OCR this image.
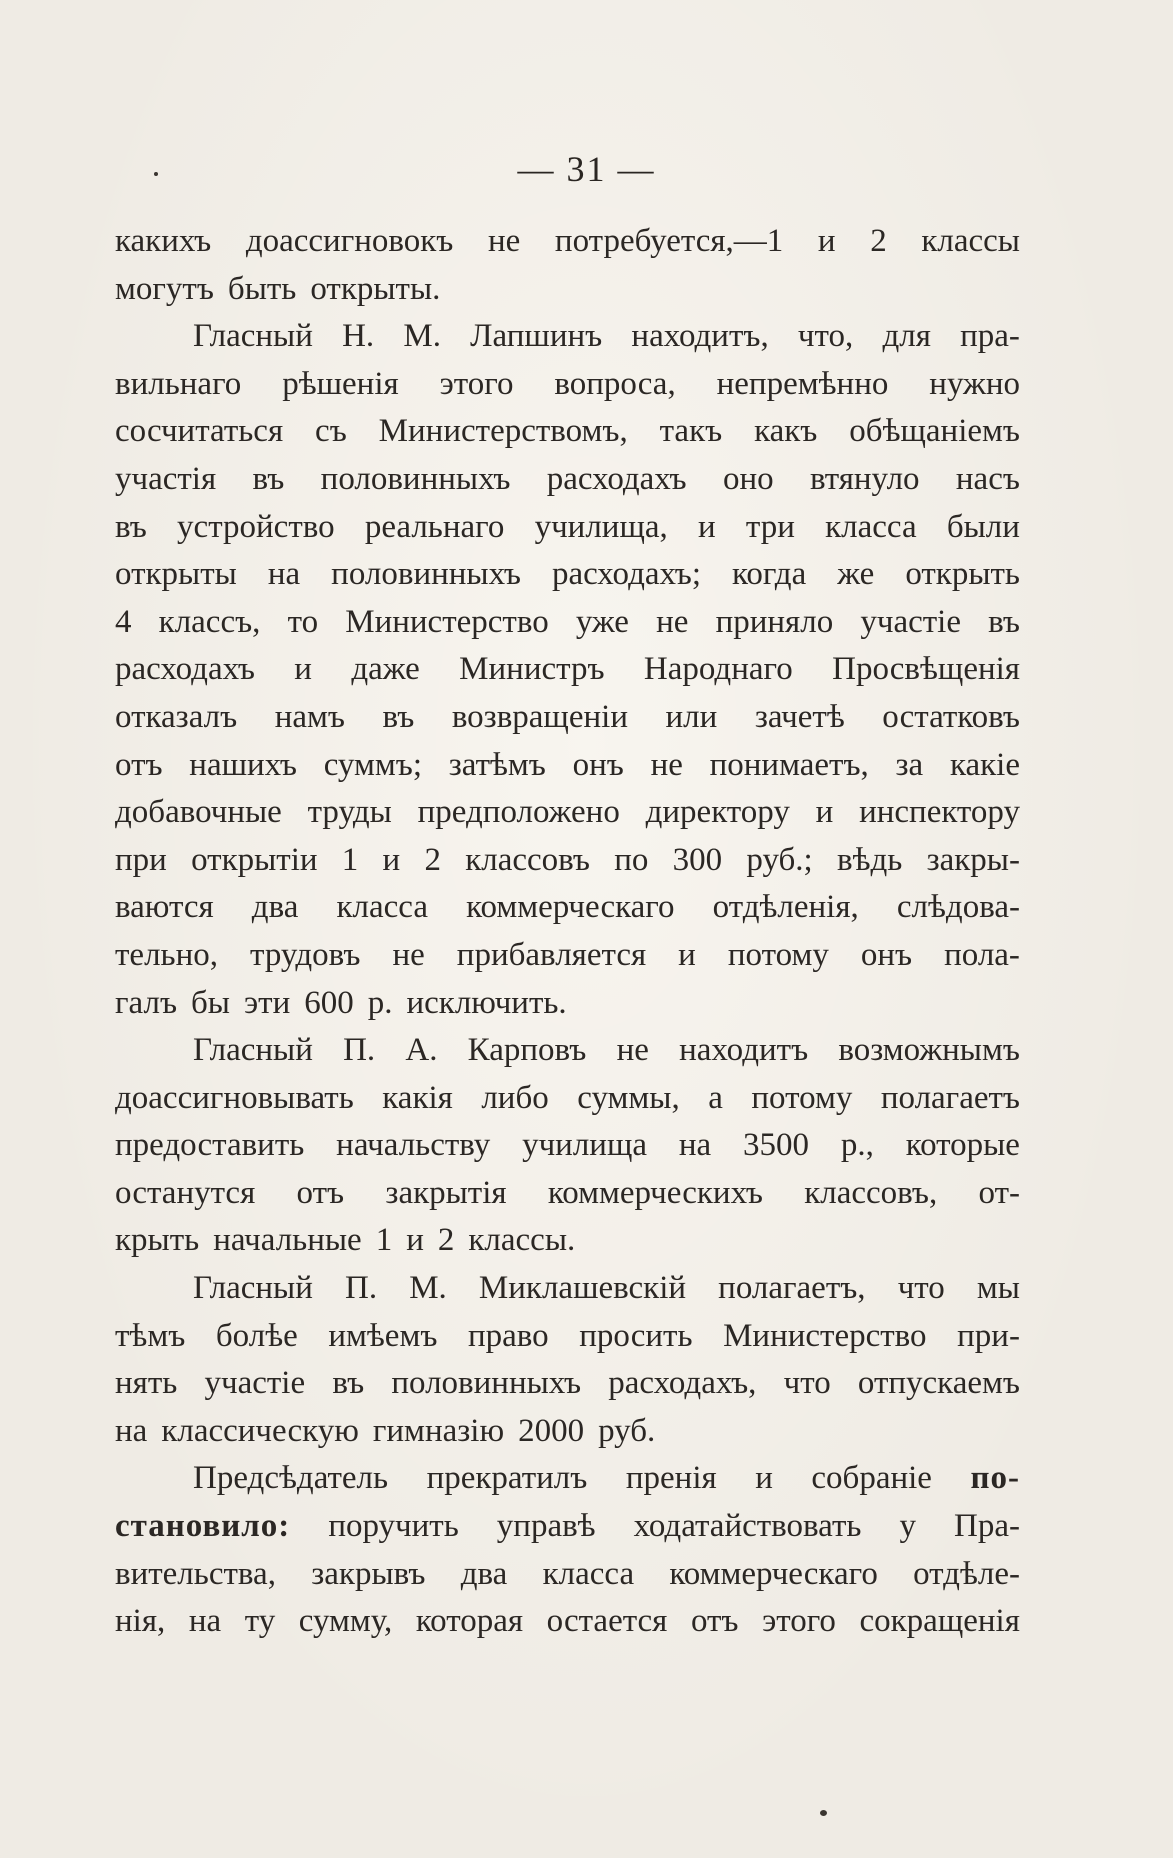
— 31 —
какихъ доассигновокъ не потребуется,—1 и 2 классы
могутъ
быть
открыты.
Гласный Н. М. Лапшинъ находитъ, что, для пра-
вильнаго рѣшенія этого вопроса, непремѣнно нужно
сосчитаться съ Министерствомъ, такъ какъ обѣщаніемъ
участія въ половинныхъ расходахъ оно втянуло насъ
въ устройство реальнаго училища, и три класса были
открыты на половинныхъ расходахъ; когда же открыть
4 классъ, то Министерство уже не приняло участіе въ
расходахъ и даже Министръ Народнаго Просвѣщенія
отказалъ намъ въ возвращеніи или зачетѣ остатковъ
отъ нашихъ суммъ; затѣмъ онъ не понимаетъ, за какіе
добавочные труды предположено директору и инспектору
при открытіи 1 и 2 классовъ по 300 руб.; вѣдь закры-
ваются два класса коммерческаго отдѣленія, слѣдова-
тельно, трудовъ не прибавляется и потому онъ пола-
галъ
бы
эти
600
р.
исключить.
Гласный П. А. Карповъ не находитъ возможнымъ
доассигновывать какія либо суммы, а потому полагаетъ
предоставить начальству училища на 3500 р., которые
останутся отъ закрытія коммерческихъ классовъ, от-
крыть
начальные
1
и
2
классы.
Гласный П. М. Миклашевскій полагаетъ, что мы
тѣмъ болѣе имѣемъ право просить Министерство при-
нять участіе въ половинныхъ расходахъ, что отпускаемъ
на
классическую
гимназію
2000
руб.
Предсѣдатель прекратилъ пренія и собраніе по-
становило: поручить управѣ ходатайствовать у Пра-
вительства, закрывъ два класса коммерческаго отдѣле-
нія, на ту сумму, которая остается отъ этого сокращенія
